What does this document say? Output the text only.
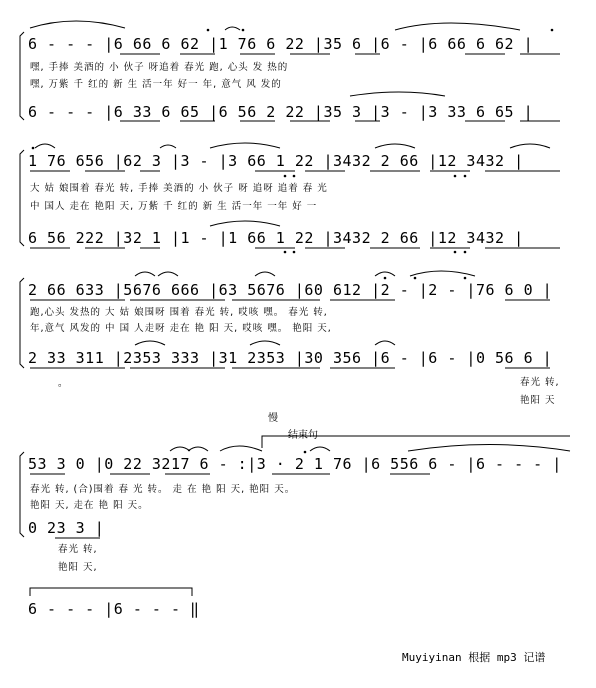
6 - - - |6 66 6 62 |1 76 6 22 |35 6 |6 - |6 66 6 62 |
嘿, 手捧 美酒的 小 伙子 呀追着 春光 跑, 心头 发 热的
嘿, 万紫 千 红的 新 生 活一年 好一 年, 意气 风 发的
6 - - - |6 33 6 65 |6 56 2 22 |35 3 |3 - |3 33 6 65 |
1 76 656 |62 3 |3 - |3 66 1 22 |3432 2 66 |12 3432 |
大 姑 娘围着 春光 转, 手捧 美酒的 小 伙子 呀 追呀 追着 春 光
中 国人 走在 艳阳 天, 万紫 千 红的 新 生 活一年 一年 好 一
6 56 222 |32 1 |1 - |1 66 1 22 |3432 2 66 |12 3432 |
2 66 633 |5676 666 |63 5676 |60 612 |2 - |2 - |76 6 0 |
跑,心头 发热的 大 姑 娘围呀 围着 春光 转, 哎咳 嘿。 春光 转,
年,意气 风发的 中 国 人走呀 走在 艳 阳 天, 哎咳 嘿。 艳阳 天,
2 33 311 |2353 333 |31 2353 |30 356 |6 - |6 - |0 56 6 |
。	春光 转,
艳阳 天
慢
结束句
53 3 0 |0 22 3217 6 - :|3 · 2 1 76 |6 556 6 - |6 - - - |
春光 转, (合)围着 春 光 转。 走 在 艳 阳 天, 艳阳 天。
艳阳 天, 走在 艳 阳 天。
0 23 3 |
春光 转,
艳阳 天,
6 - - - |6 - - - ‖
Muyiyinan 根据 mp3 记谱
